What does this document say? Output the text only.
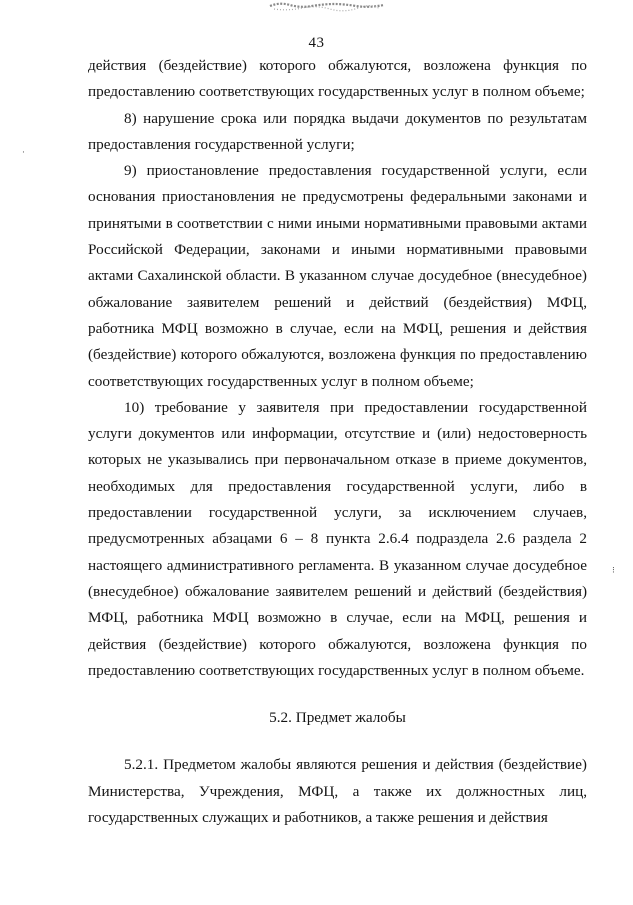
43

действия (бездействие) которого обжалуются, возложена функция по предоставлению соответствующих государственных услуг в полном объеме;

8) нарушение срока или порядка выдачи документов по результатам предоставления государственной услуги;

9) приостановление предоставления государственной услуги, если основания приостановления не предусмотрены федеральными законами и принятыми в соответствии с ними иными нормативными правовыми актами Российской Федерации, законами и иными нормативными правовыми актами Сахалинской области. В указанном случае досудебное (внесудебное) обжалование заявителем решений и действий (бездействия) МФЦ, работника МФЦ возможно в случае, если на МФЦ, решения и действия (бездействие) которого обжалуются, возложена функция по предоставлению соответствующих государственных услуг в полном объеме;

10) требование у заявителя при предоставлении государственной услуги документов или информации, отсутствие и (или) недостоверность которых не указывались при первоначальном отказе в приеме документов, необходимых для предоставления государственной услуги, либо в предоставлении государственной услуги, за исключением случаев, предусмотренных абзацами 6 – 8 пункта 2.6.4 подраздела 2.6 раздела 2 настоящего административного регламента. В указанном случае досудебное (внесудебное) обжалование заявителем решений и действий (бездействия) МФЦ, работника МФЦ возможно в случае, если на МФЦ, решения и действия (бездействие) которого обжалуются, возложена функция по предоставлению соответствующих государственных услуг в полном объеме.

5.2. Предмет жалобы

5.2.1. Предметом жалобы являются решения и действия (бездействие) Министерства, Учреждения, МФЦ, а также их должностных лиц, государственных служащих и работников, а также решения и действия

·
⁝
